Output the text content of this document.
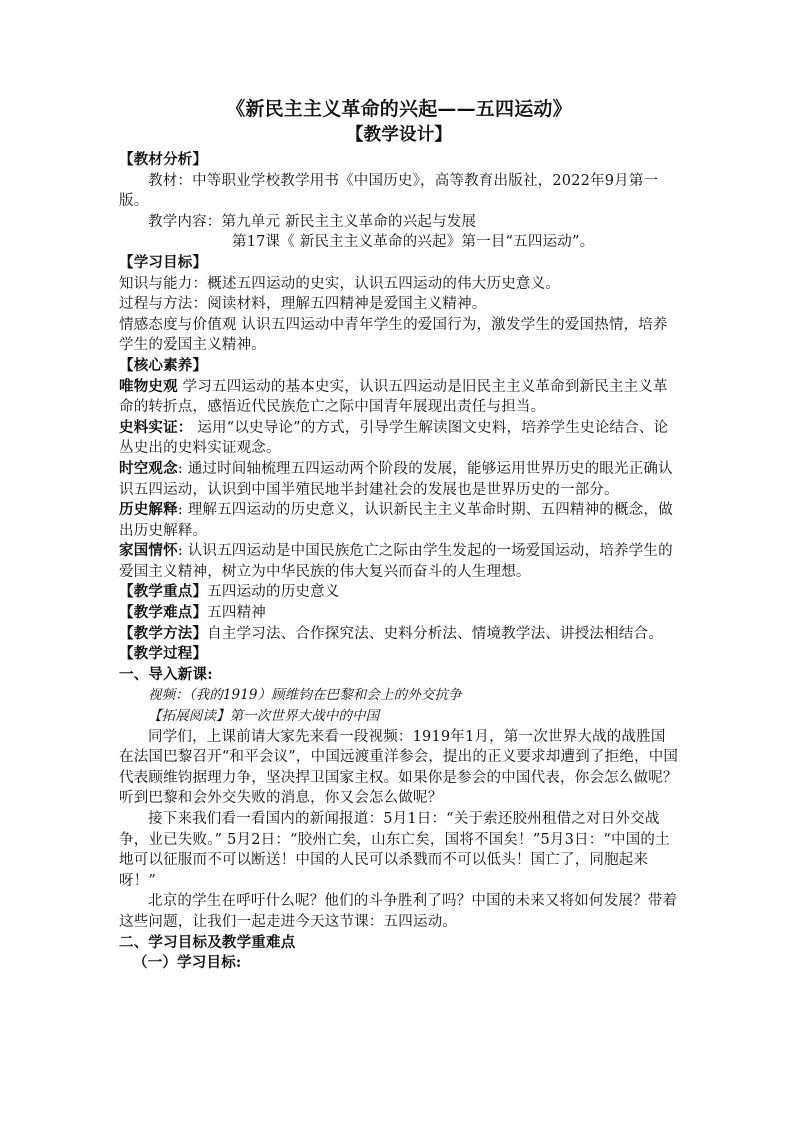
《新民主主义革命的兴起——五四运动》

【教学设计】

【教材分析】

教材：中等职业学校教学用书《中国历史》，高等教育出版社，2022年9月第一版。

教学内容：第九单元 新民主主义革命的兴起与发展

第17课《 新民主主义革命的兴起》第一目“五四运动”。

【学习目标】

知识与能力：概述五四运动的史实，认识五四运动的伟大历史意义。

过程与方法：阅读材料，理解五四精神是爱国主义精神。

情感态度与价值观 认识五四运动中青年学生的爱国行为，激发学生的爱国热情，培养学生的爱国主义精神。

【核心素养】

唯物史观 学习五四运动的基本史实，认识五四运动是旧民主主义革命到新民主主义革命的转折点，感悟近代民族危亡之际中国青年展现出责任与担当。

史料实证： 运用“以史导论”的方式，引导学生解读图文史料，培养学生史论结合、论丛史出的史料实证观念。

时空观念: 通过时间轴梳理五四运动两个阶段的发展，能够运用世界历史的眼光正确认识五四运动，认识到中国半殖民地半封建社会的发展也是世界历史的一部分。

历史解释: 理解五四运动的历史意义，认识新民主主义革命时期、五四精神的概念，做出历史解释。

家国情怀: 认识五四运动是中国民族危亡之际由学生发起的一场爱国运动，培养学生的爱国主义精神，树立为中华民族的伟大复兴而奋斗的人生理想。

【教学重点】五四运动的历史意义

【教学难点】五四精神

【教学方法】自主学习法、合作探究法、史料分析法、情境教学法、讲授法相结合。

【教学过程】

一、导入新课:

视频：（我的1919）顾维钧在巴黎和会上的外交抗争

【拓展阅读】第一次世界大战中的中国

同学们，上课前请大家先来看一段视频：1919年1月，第一次世界大战的战胜国在法国巴黎召开“和平会议”，中国远渡重洋参会，提出的正义要求却遭到了拒绝，中国代表顾维钧据理力争，坚决捍卫国家主权。如果你是参会的中国代表，你会怎么做呢？听到巴黎和会外交失败的消息，你又会怎么做呢？

接下来我们看一看国内的新闻报道：5月1日：“关于索还胶州租借之对日外交战争，业已失败。” 5月2日：“胶州亡矣，山东亡矣，国将不国矣！”5月3日：“中国的土地可以征服而不可以断送！中国的人民可以杀戮而不可以低头！国亡了，同胞起来呀！”

北京的学生在呼吁什么呢？他们的斗争胜利了吗？中国的未来又将如何发展？带着这些问题，让我们一起走进今天这节课：五四运动。

二、学习目标及教学重难点

（一）学习目标:
